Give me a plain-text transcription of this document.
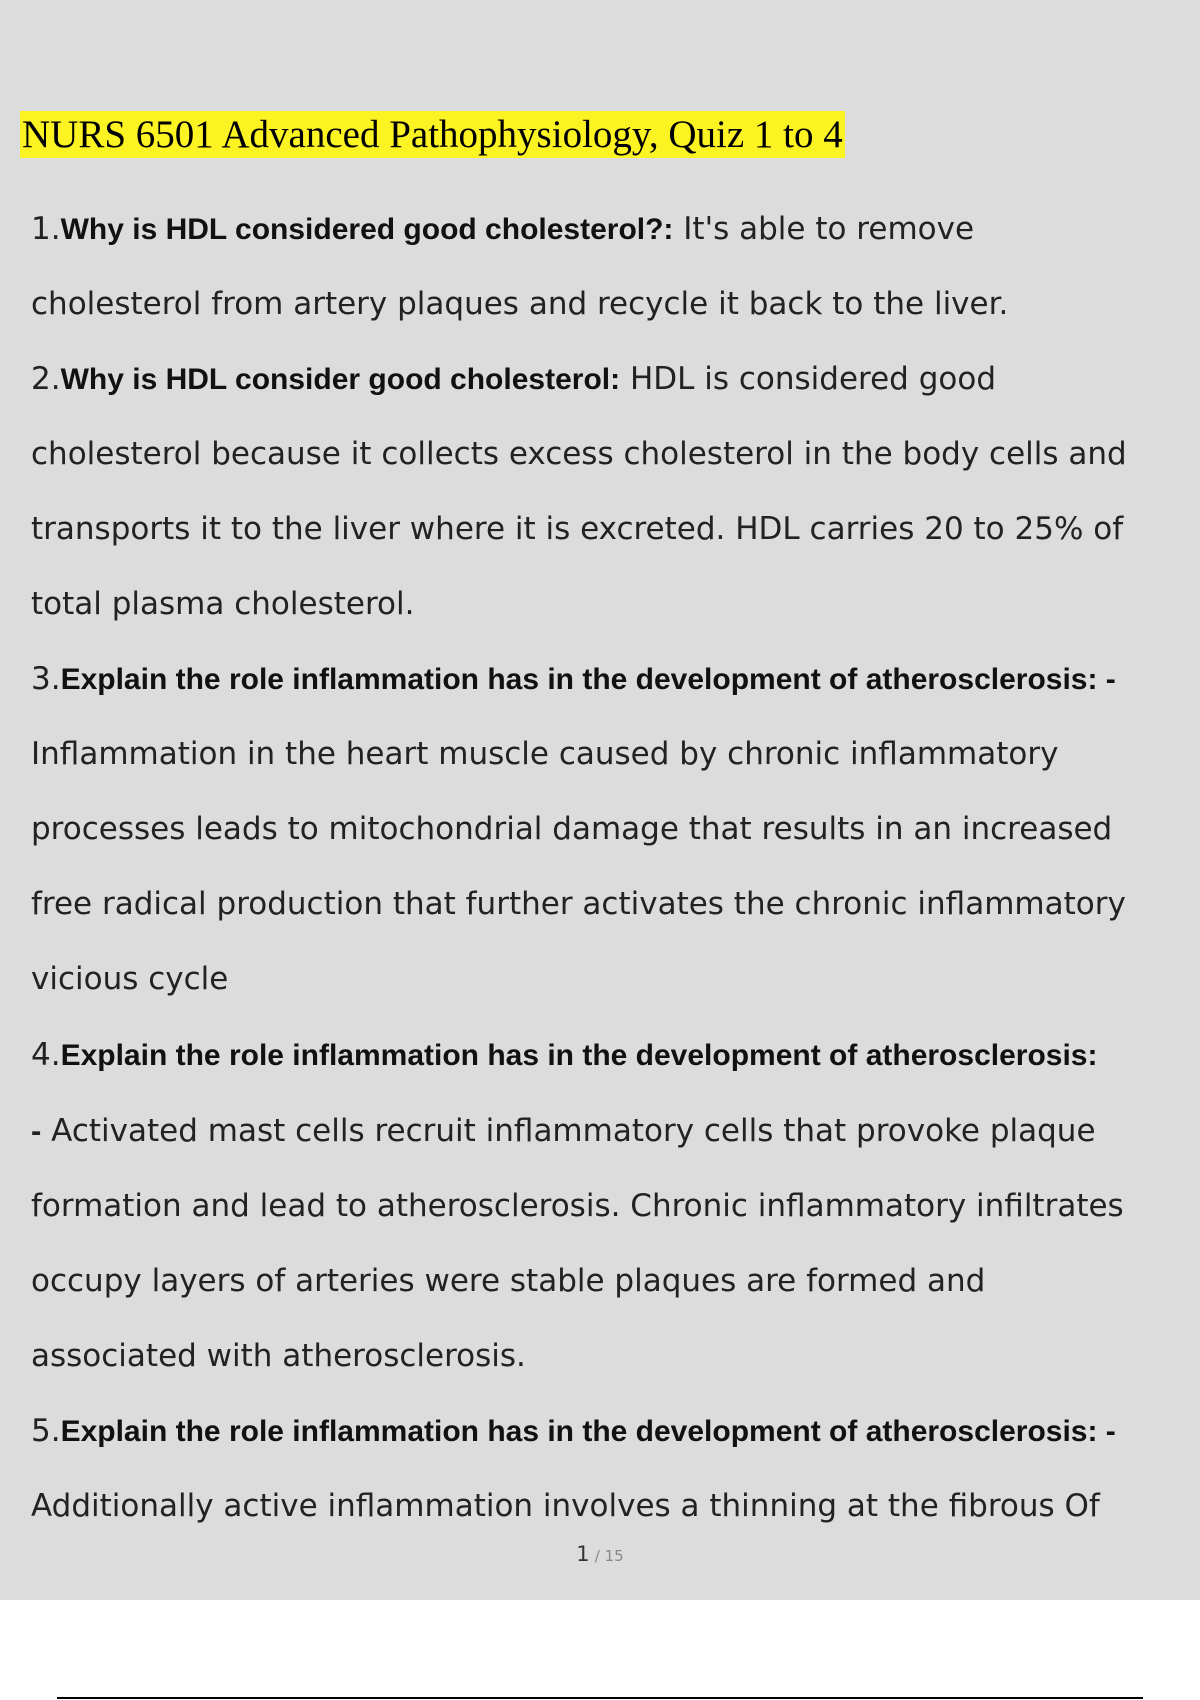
NURS 6501 Advanced Pathophysiology, Quiz 1 to 4

1.Why is HDL considered good cholesterol?: It's able to remove
cholesterol from artery plaques and recycle it back to the liver.

2.Why is HDL consider good cholesterol: HDL is considered good
cholesterol because it collects excess cholesterol in the body cells and
transports it to the liver where it is excreted. HDL carries 20 to 25% of
total plasma cholesterol.

3.Explain the role inflammation has in the development of atherosclerosis: -
Inflammation in the heart muscle caused by chronic inflammatory
processes leads to mitochondrial damage that results in an increased
free radical production that further activates the chronic inflammatory
vicious cycle

4.Explain the role inflammation has in the development of atherosclerosis:
- Activated mast cells recruit inflammatory cells that provoke plaque
formation and lead to atherosclerosis. Chronic inflammatory infiltrates
occupy layers of arteries were stable plaques are formed and
associated with atherosclerosis.

5.Explain the role inflammation has in the development of atherosclerosis: -
Additionally active inflammation involves a thinning at the fibrous Of

1 / 15
